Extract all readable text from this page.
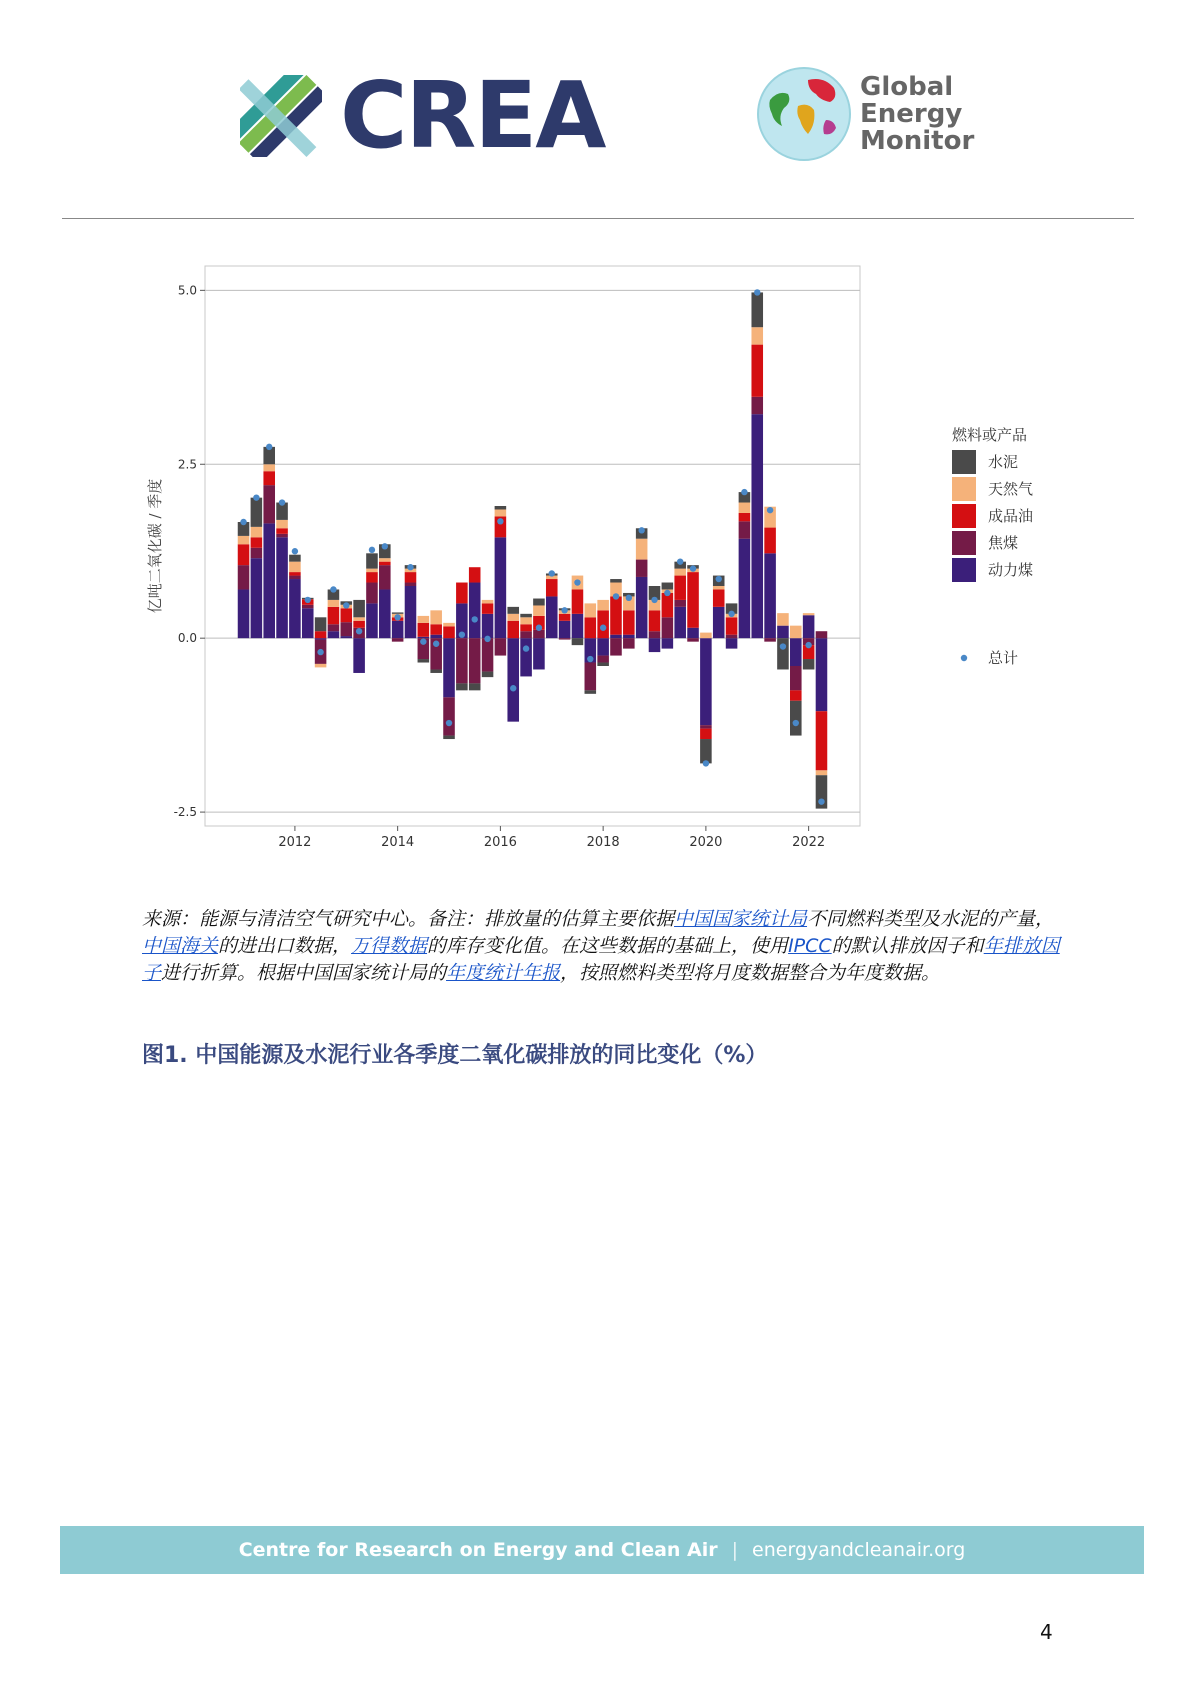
CREA	Global
Energy
Monitor
5.0
2.5
0.0
-2.5
2012	2014	2016	2018	2020	2022
亿吨二氧化碳 / 季度
燃料或产品
水泥
天然气
成品油
焦煤
动力煤
总计
来源：能源与清洁空气研究中心。备注：排放量的估算主要依据中国国家统计局不同燃料类型及水泥的产量，中国海关的进出口数据，万得数据的库存变化值。在这些数据的基础上，使用IPCC的默认排放因子和年排放因子进行折算。根据中国国家统计局的年度统计年报，按照燃料类型将月度数据整合为年度数据。
图1. 中国能源及水泥行业各季度二氧化碳排放的同比变化（%）
Centre for Research on Energy and Clean Air | energyandcleanair.org
4
